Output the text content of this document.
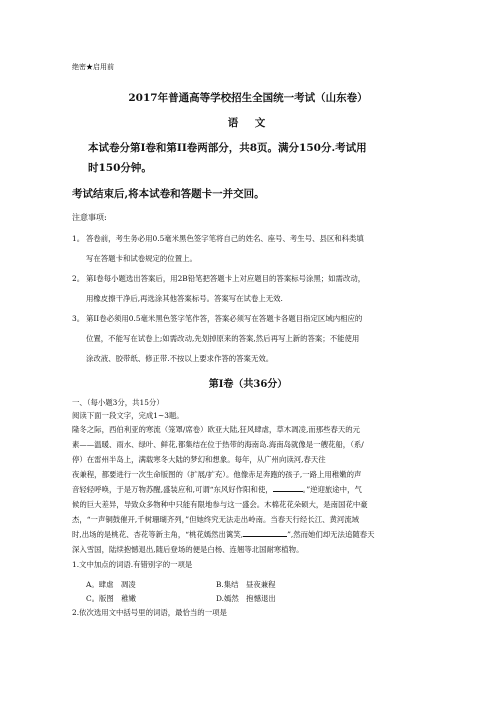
绝密★启用前
2017年普通高等学校招生全国统一考试（山东卷）
语　文
本试卷分第Ⅰ卷和第II卷两部分，共8页。满分150分.考试用
时150分钟。
考试结束后,将本试卷和答题卡一并交回。
注意事项:
1。 答卷前，考生务必用0.5毫米黑色签字笔将自己的姓名、座号、考生号、县区和科类填
写在答题卡和试卷规定的位置上。
2。 第Ⅰ卷每小题选出答案后，用2B铅笔把答题卡上对应题目的答案标号涂黑；如需改动，
用橡皮擦干净后,再选涂其他答案标号。答案写在试卷上无效.
3。 第II卷必须用0.5毫米黑色签字笔作答，答案必须写在答题卡各题目指定区域内相应的
位置，不能写在试卷上;如需改动,先划掉原来的答案,然后再写上新的答案；不能使用
涂改液、胶带纸、修正带.不按以上要求作答的答案无效。
第Ⅰ卷（共36分）
一、（每小题3分，共15分）
阅读下面一段文字，完成1~3题。
隆冬之际，西伯利亚的寒流（笼罩/席卷）欧亚大陆,狂风肆虐，草木凋凌,而那些春天的元
素——温暖、雨水、绿叶、鲜花,都集结在位于热带的海南岛.海南岛就像是一艘花船，（系/
停）在雷州半岛上，满载寒冬大陆的梦幻和想象。每年，从广州向读河,春天往
夜兼程，都要进行一次生命版图的（扩展/扩充）。他像赤足奔跑的孩子,一路上用稚嫩的声
音轻轻呼唤，于是万物苏醒,盛装应和,可谓“东风好作阳和使，	。”逆迎旅途中，气
候的巨大差异，导致众多物种中只能有限地参与这一盛会。木棉花花朵硕大，是南国花中豪
杰，“一声铜鼓催开,千树珊瑚齐列，”但她终究无法走出岭南。当春天行经长江、黄河流域
时,出场的是桃花、杏花等新主角，“桃花嫣然出篱笑,	”,然而她们却无法追随春天
深入雪国，陆续抱憾退出,随后登场的便是白杨、连翘等北国耐寒植物。
1.文中加点的词语.有错别字的一项是
A。肆虐　凋凌	B.集结　昼夜兼程
C。版图　稚嫩	D.嫣然　抱憾退出
2.依次选用文中括号里的词语，最恰当的一项是
